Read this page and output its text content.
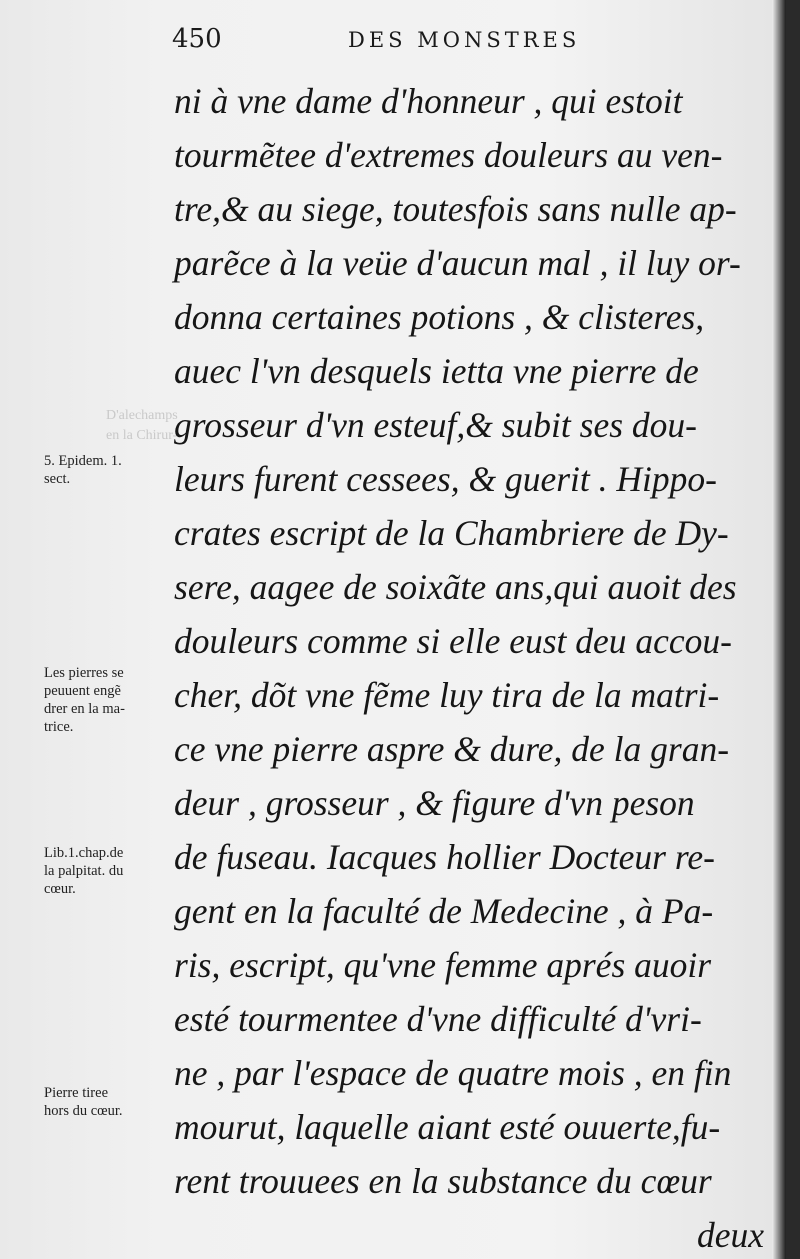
D'alechamps
en la Chirur-
450	DES MONSTRES
ni à vne dame d'honneur , qui estoit
tourmẽtee d'extremes douleurs au ven-
tre,& au siege, toutesfois sans nulle ap-
parẽce à la veüe d'aucun mal , il luy or-
donna certaines potions , & clisteres,
auec l'vn desquels ietta vne pierre de
grosseur d'vn esteuf,& subit ses dou-
leurs furent cessees, & guerit . Hippo-
crates escript de la Chambriere de Dy-
sere, aagee de soixãte ans,qui auoit des
douleurs comme si elle eust deu accou-
cher, dõt vne fẽme luy tira de la matri-
ce vne pierre aspre & dure, de la gran-
deur , grosseur , & figure d'vn peson
de fuseau. Iacques hollier Docteur re-
gent en la faculté de Medecine , à Pa-
ris, escript, qu'vne femme aprés auoir
esté tourmentee d'vne difficulté d'vri-
ne , par l'espace de quatre mois , en fin
mourut, laquelle aiant esté ouuerte,fu-
rent trouuees en la substance du cœur
deux
5. Epidem. 1.
sect.
Les pierres se
peuuent engẽ
drer en la ma-
trice.
Lib.1.chap.de
la palpitat. du
cœur.
Pierre tiree
hors du cœur.
